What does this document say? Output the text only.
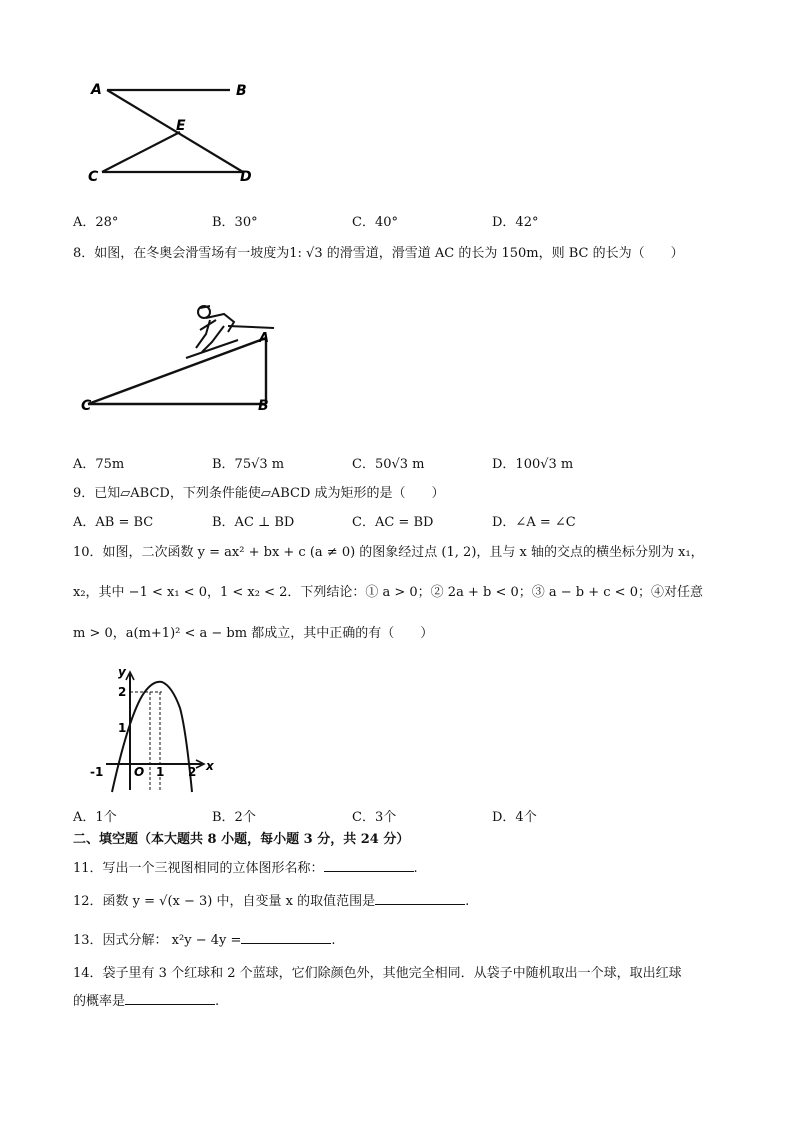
A	B
E
C	D
A．28°	B．30°	C．40°	D．42°
8．如图，在冬奥会滑雪场有一坡度为1: √3 的滑雪道，滑雪道 AC 的长为 150m，则 BC 的长为（　　）
A
C	B
A．75m	B．75√3 m	C．50√3 m	D．100√3 m
9．已知▱ABCD，下列条件能使▱ABCD 成为矩形的是（　　）
A．AB = BC	B．AC ⊥ BD	C．AC = BD	D．∠A = ∠C
10．如图，二次函数 y = ax² + bx + c (a ≠ 0) 的图象经过点 (1, 2)，且与 x 轴的交点的横坐标分别为 x₁，
x₂，其中 −1 < x₁ < 0，1 < x₂ < 2．下列结论：① a > 0；② 2a + b < 0；③ a − b + c < 0；④对任意
m > 0，a(m+1)² < a − bm 都成立，其中正确的有（　　）
y
x
2
1
-1	O 1 2
A．1个	B．2个	C．3个	D．4个
二、填空题（本大题共 8 小题，每小题 3 分，共 24 分）
11．写出一个三视图相同的立体图形名称：	.
12．函数 y = √(x − 3) 中，自变量 x 的取值范围是	.
13．因式分解： x²y − 4y =	.
14．袋子里有 3 个红球和 2 个蓝球，它们除颜色外，其他完全相同．从袋子中随机取出一个球，取出红球
的概率是	.
